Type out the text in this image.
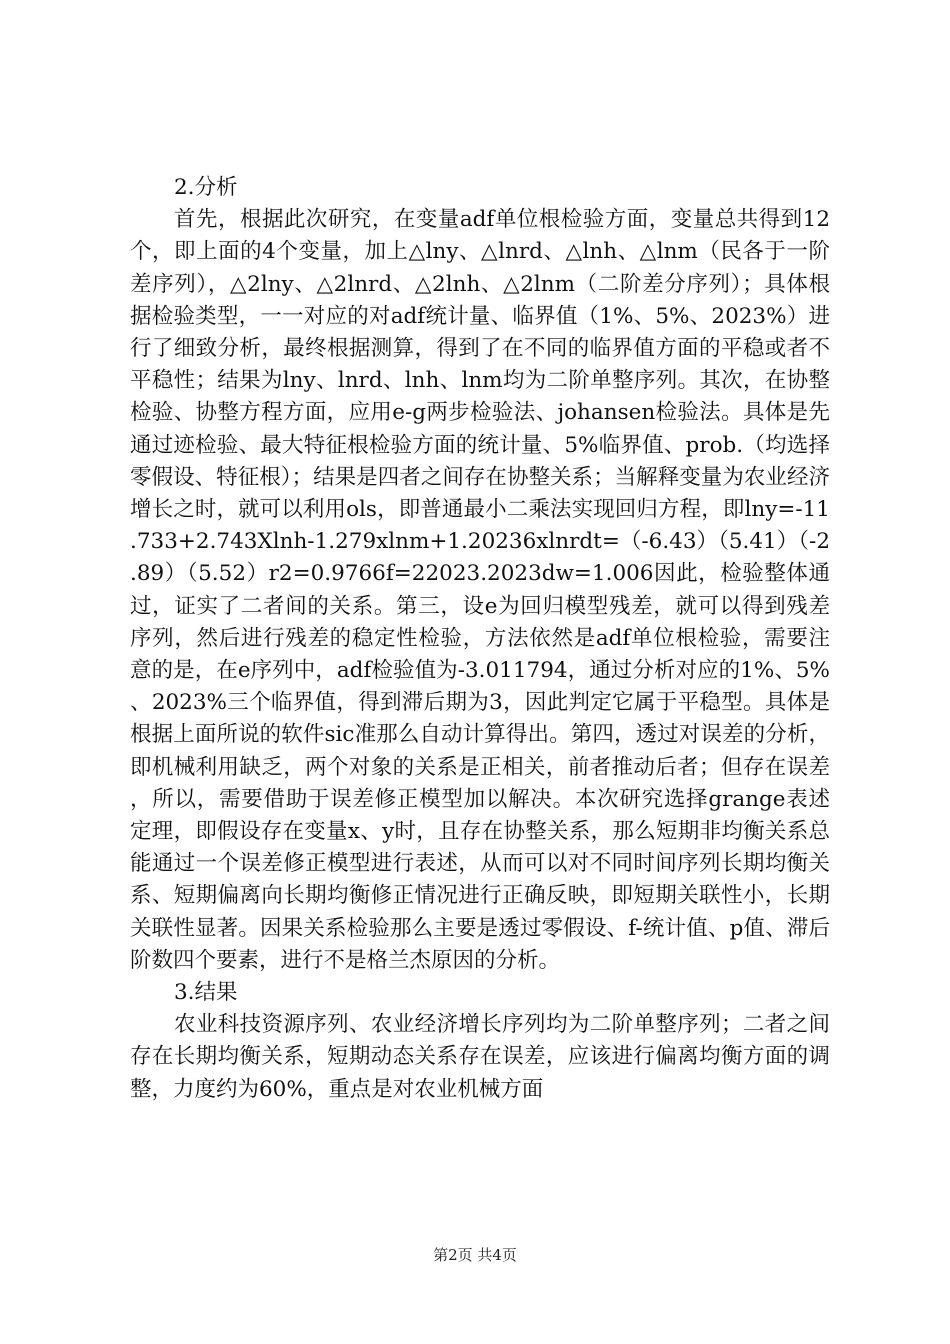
2.分析

首先，根据此次研究，在变量adf单位根检验方面，变量总共得到12个，即上面的4个变量，加上△lny、△lnrd、△lnh、△lnm（民各于一阶差序列），△2lny、△2lnrd、△2lnh、△2lnm（二阶差分序列）；具体根据检验类型，一一对应的对adf统计量、临界值（1%、5%、2023%）进行了细致分析，最终根据测算，得到了在不同的临界值方面的平稳或者不平稳性；结果为lny、lnrd、lnh、lnm均为二阶单整序列。其次，在协整检验、协整方程方面，应用e-g两步检验法、johansen检验法。具体是先通过迹检验、最大特征根检验方面的统计量、5%临界值、prob.（均选择零假设、特征根）；结果是四者之间存在协整关系；当解释变量为农业经济增长之时，就可以利用ols，即普通最小二乘法实现回归方程，即lny=-11.733+2.743Xlnh-1.279xlnm+1.20236xlnrdt=（-6.43）（5.41）（-2.89）（5.52）r2=0.9766f=22023.2023dw=1.006因此，检验整体通过，证实了二者间的关系。第三，设e为回归模型残差，就可以得到残差序列，然后进行残差的稳定性检验，方法依然是adf单位根检验，需要注意的是，在e序列中，adf检验值为-3.011794，通过分析对应的1%、5%、2023%三个临界值，得到滞后期为3，因此判定它属于平稳型。具体是根据上面所说的软件sic准那么自动计算得出。第四，透过对误差的分析，即机械利用缺乏，两个对象的关系是正相关，前者推动后者；但存在误差，所以，需要借助于误差修正模型加以解决。本次研究选择grange表述定理，即假设存在变量x、y时，且存在协整关系，那么短期非均衡关系总能通过一个误差修正模型进行表述，从而可以对不同时间序列长期均衡关系、短期偏离向长期均衡修正情况进行正确反映，即短期关联性小，长期关联性显著。因果关系检验那么主要是透过零假设、f-统计值、p值、滞后阶数四个要素，进行不是格兰杰原因的分析。

3.结果

农业科技资源序列、农业经济增长序列均为二阶单整序列；二者之间存在长期均衡关系，短期动态关系存在误差，应该进行偏离均衡方面的调整，力度约为60%，重点是对农业机械方面

第2页 共4页
